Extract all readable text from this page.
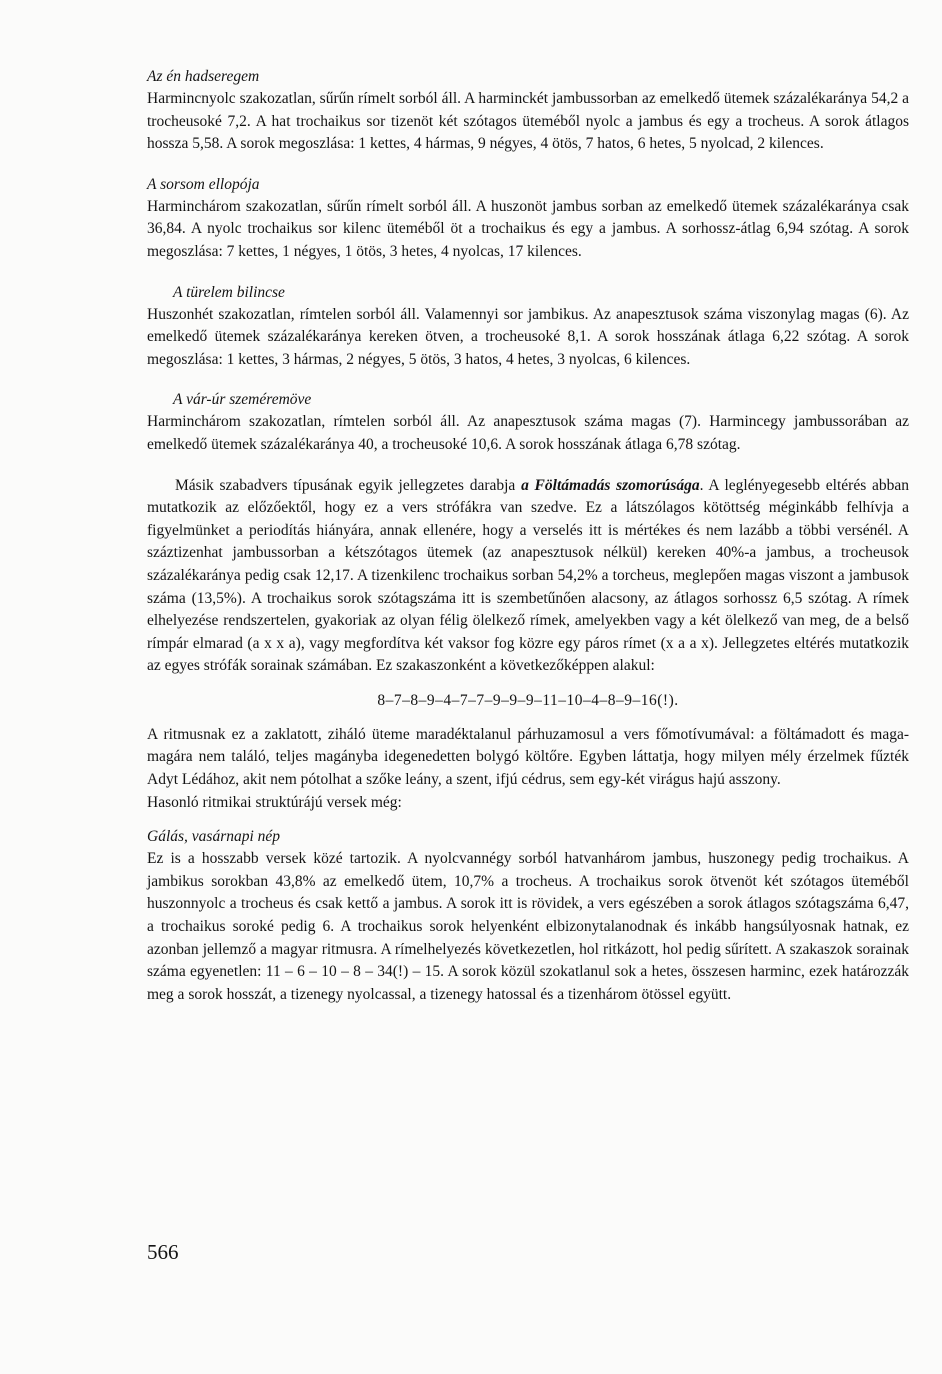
Az én hadseregem

Harmincnyolc szakozatlan, sűrűn rímelt sorból áll. A harminckét jambussorban az emelkedő ütemek százalékaránya 54,2 a trocheusoké 7,2. A hat trochaikus sor tizenöt két szótagos üteméből nyolc a jambus és egy a trocheus. A sorok átlagos hossza 5,58. A sorok megoszlása: 1 kettes, 4 hármas, 9 négyes, 4 ötös, 7 hatos, 6 hetes, 5 nyolcad, 2 kilences.

A sorsom ellopója

Harminchárom szakozatlan, sűrűn rímelt sorból áll. A huszonöt jambus sorban az emelkedő ütemek százalékaránya csak 36,84. A nyolc trochaikus sor kilenc üteméből öt a trochaikus és egy a jambus. A sorhossz-átlag 6,94 szótag. A sorok megoszlása: 7 kettes, 1 négyes, 1 ötös, 3 hetes, 4 nyolcas, 17 kilences.

A türelem bilincse

Huszonhét szakozatlan, rímtelen sorból áll. Valamennyi sor jambikus. Az anapesztusok száma viszonylag magas (6). Az emelkedő ütemek százalékaránya kereken ötven, a trocheusoké 8,1. A sorok hosszának átlaga 6,22 szótag. A sorok megoszlása: 1 kettes, 3 hármas, 2 négyes, 5 ötös, 3 hatos, 4 hetes, 3 nyolcas, 6 kilences.

A vár-úr szeméremöve

Harminchárom szakozatlan, rímtelen sorból áll. Az anapesztusok száma magas (7). Harmincegy jambussorában az emelkedő ütemek százalékaránya 40, a trocheusoké 10,6. A sorok hosszának átlaga 6,78 szótag.

Másik szabadvers típusának egyik jellegzetes darabja a Föltámadás szomorúsága. A leglényegesebb eltérés abban mutatkozik az előzőektől, hogy ez a vers strófákra van szedve. Ez a látszólagos kötöttség méginkább felhívja a figyelmünket a periodítás hiányára, annak ellenére, hogy a verselés itt is mértékes és nem lazább a többi versénél. A száztizenhat jambussorban a kétszótagos ütemek (az anapesztusok nélkül) kereken 40%-a jambus, a trocheusok százalékaránya pedig csak 12,17. A tizenkilenc trochaikus sorban 54,2% a torcheus, meglepően magas viszont a jambusok száma (13,5%). A trochaikus sorok szótagszáma itt is szembetűnően alacsony, az átlagos sorhossz 6,5 szótag. A rímek elhelyezése rendszertelen, gyakoriak az olyan félig ölelkező rímek, amelyekben vagy a két ölelkező van meg, de a belső rímpár elmarad (a x x a), vagy megfordítva két vaksor fog közre egy páros rímet (x a a x). Jellegzetes eltérés mutatkozik az egyes strófák sorainak számában. Ez szakaszonként a következőképpen alakul:

8–7–8–9–4–7–7–9–9–9–11–10–4–8–9–16(!).

A ritmusnak ez a zaklatott, ziháló üteme maradéktalanul párhuzamosul a vers főmotívumával: a föltámadott és maga-magára nem találó, teljes magányba idegenedetten bolygó költőre. Egyben láttatja, hogy milyen mély érzelmek fűzték Adyt Lédához, akit nem pótolhat a szőke leány, a szent, ifjú cédrus, sem egy-két virágus hajú asszony.

Hasonló ritmikai struktúrájú versek még:

Gálás, vasárnapi nép

Ez is a hosszabb versek közé tartozik. A nyolcvannégy sorból hatvanhárom jambus, huszonegy pedig trochaikus. A jambikus sorokban 43,8% az emelkedő ütem, 10,7% a trocheus. A trochaikus sorok ötvenöt két szótagos üteméből huszonnyolc a trocheus és csak kettő a jambus. A sorok itt is rövidek, a vers egészében a sorok átlagos szótagszáma 6,47, a trochaikus soroké pedig 6. A trochaikus sorok helyenként elbizonytalanodnak és inkább hangsúlyosnak hatnak, ez azonban jellemző a magyar ritmusra. A rímelhelyezés következetlen, hol ritkázott, hol pedig sűrített. A szakaszok sorainak száma egyenetlen: 11 – 6 – 10 – 8 – 34(!) – 15. A sorok közül szokatlanul sok a hetes, összesen harminc, ezek határozzák meg a sorok hosszát, a tizenegy nyolcassal, a tizenegy hatossal és a tizenhárom ötössel együtt.

566
